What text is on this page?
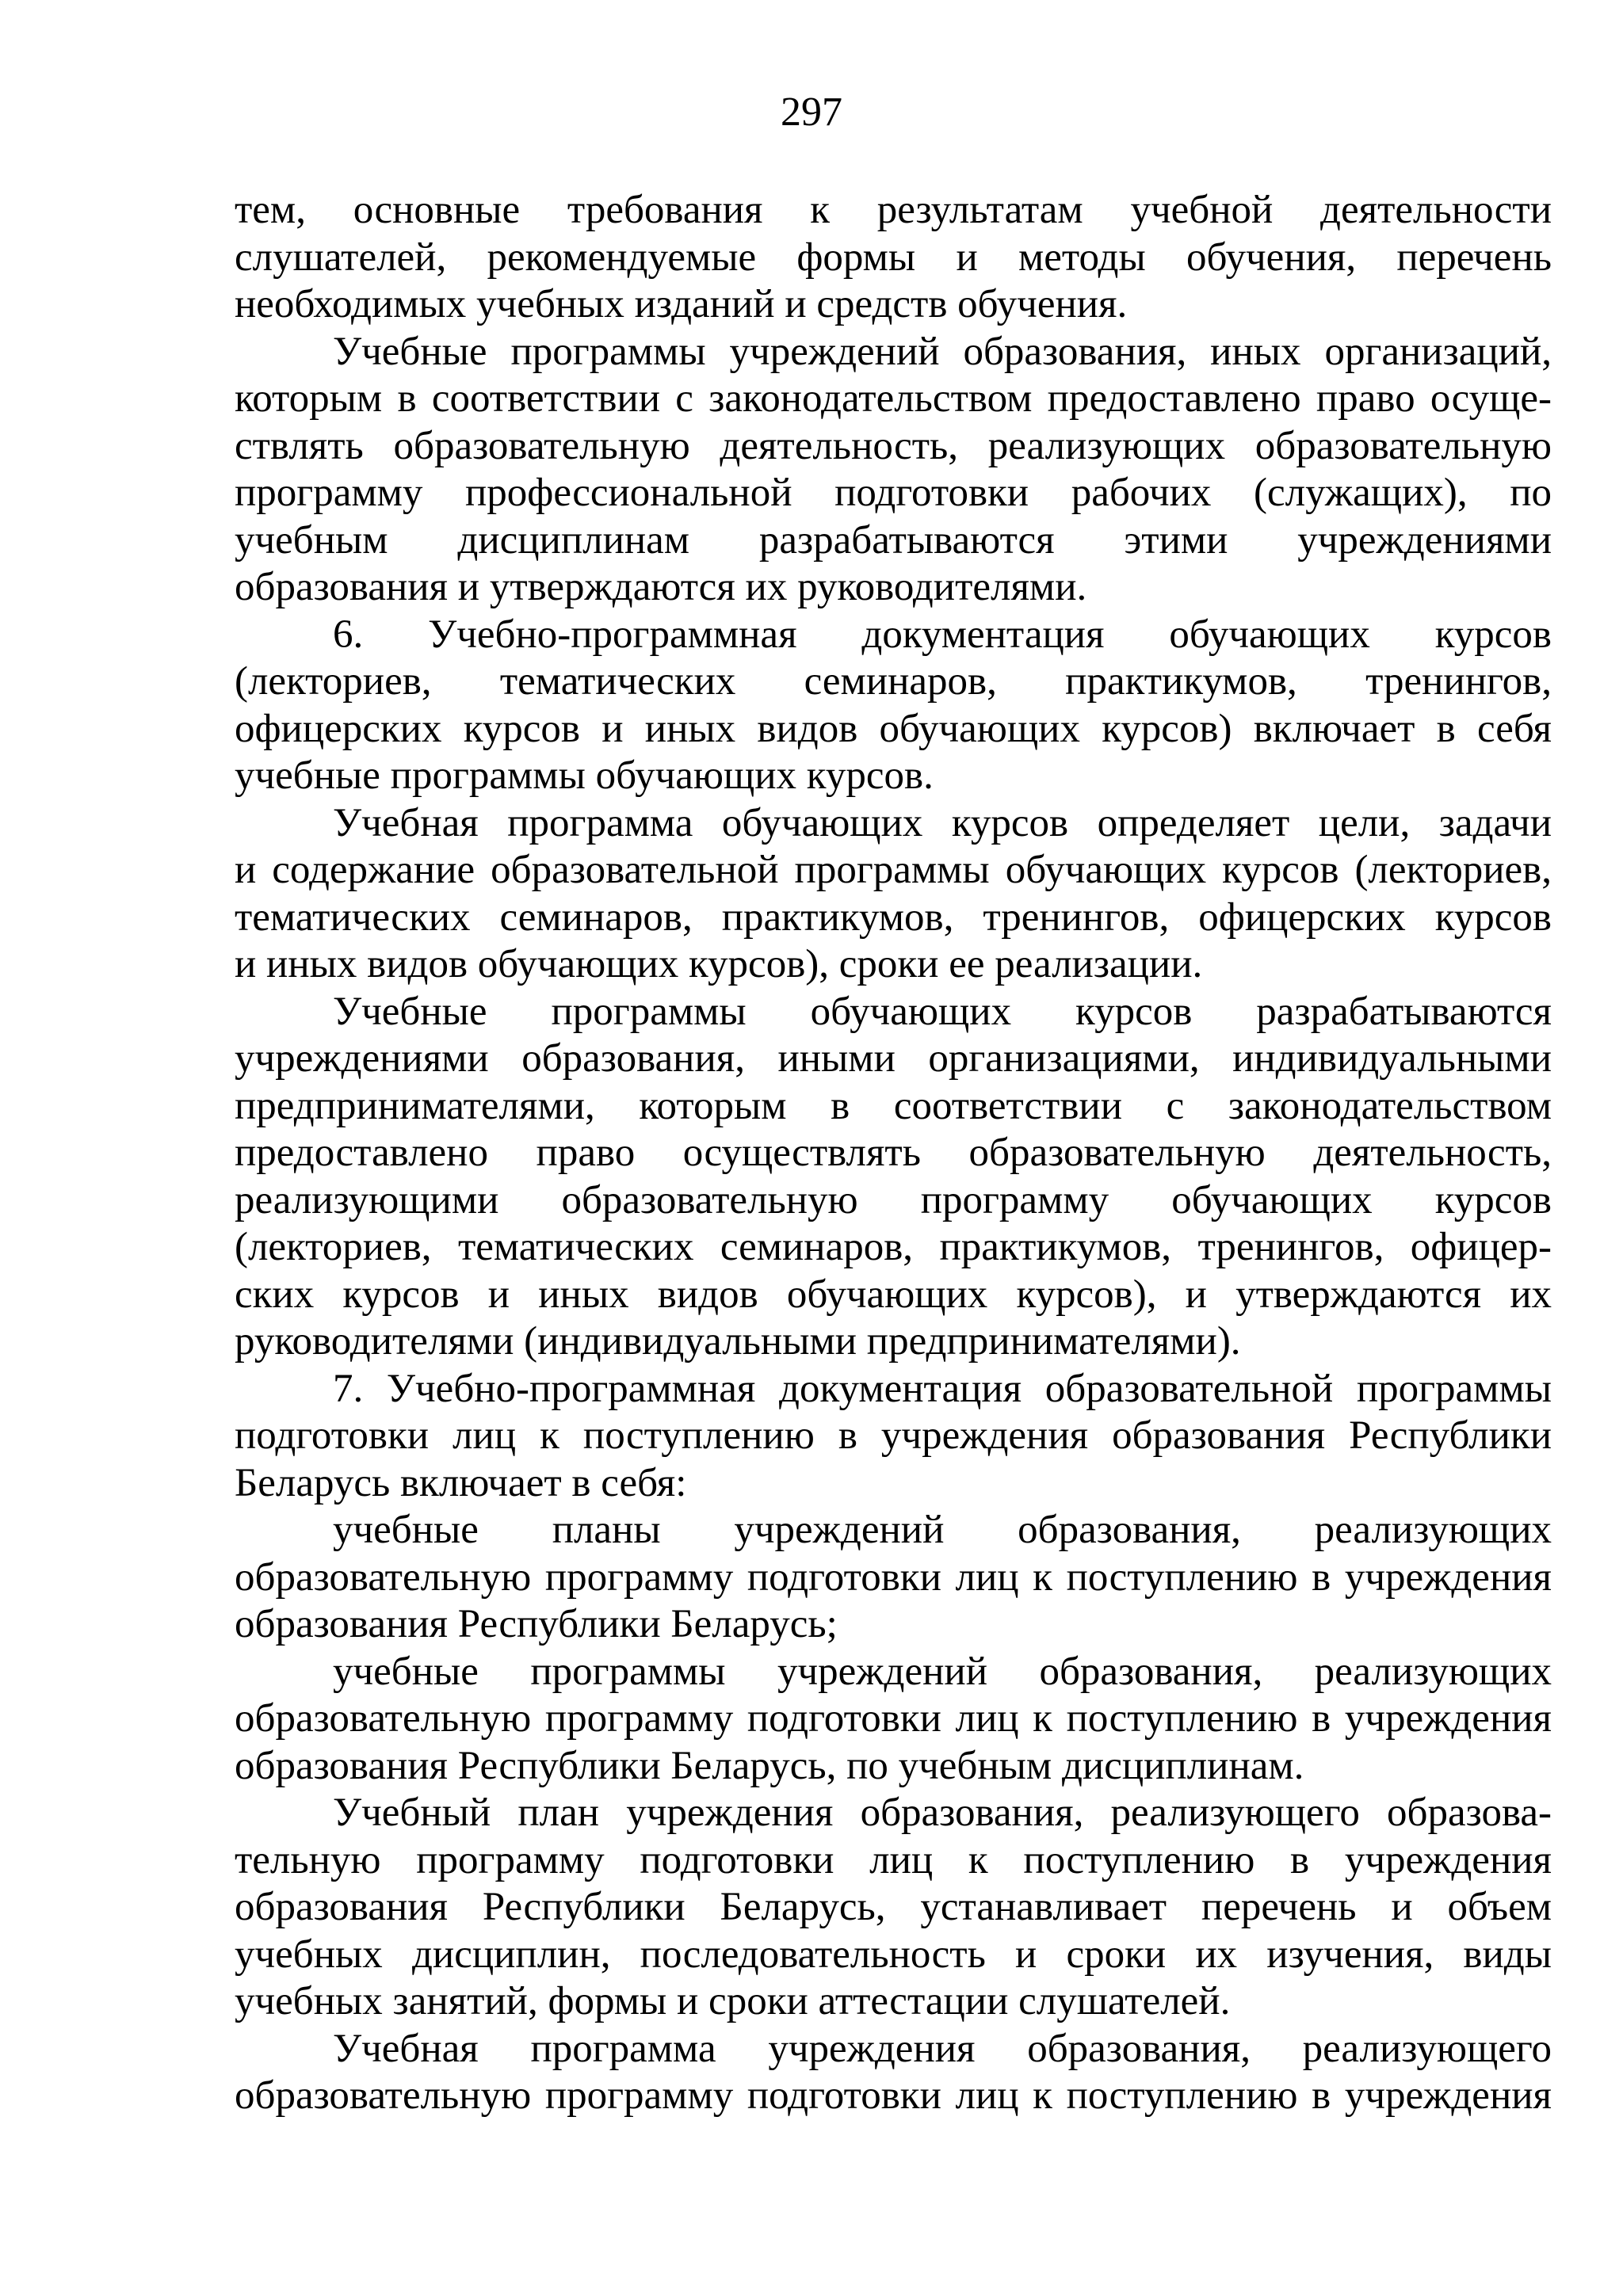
297
тем, основные требования к результатам учебной деятельности
слушателей, рекомендуемые формы и методы обучения, перечень
необходимых учебных изданий и средств обучения.
Учебные программы учреждений образования, иных организаций,
которым в соответствии с законодательством предоставлено право осуще-
ствлять образовательную деятельность, реализующих образовательную
программу профессиональной подготовки рабочих (служащих), по
учебным дисциплинам разрабатываются этими учреждениями
образования и утверждаются их руководителями.
6. Учебно-программная документация обучающих курсов
(лекториев, тематических семинаров, практикумов, тренингов,
офицерских курсов и иных видов обучающих курсов) включает в себя
учебные программы обучающих курсов.
Учебная программа обучающих курсов определяет цели, задачи
и содержание образовательной программы обучающих курсов (лекториев,
тематических семинаров, практикумов, тренингов, офицерских курсов
и иных видов обучающих курсов), сроки ее реализации.
Учебные программы обучающих курсов разрабатываются
учреждениями образования, иными организациями, индивидуальными
предпринимателями, которым в соответствии с законодательством
предоставлено право осуществлять образовательную деятельность,
реализующими образовательную программу обучающих курсов
(лекториев, тематических семинаров, практикумов, тренингов, офицер-
ских курсов и иных видов обучающих курсов), и утверждаются их
руководителями (индивидуальными предпринимателями).
7. Учебно-программная документация образовательной программы
подготовки лиц к поступлению в учреждения образования Республики
Беларусь включает в себя:
учебные планы учреждений образования, реализующих
образовательную программу подготовки лиц к поступлению в учреждения
образования Республики Беларусь;
учебные программы учреждений образования, реализующих
образовательную программу подготовки лиц к поступлению в учреждения
образования Республики Беларусь, по учебным дисциплинам.
Учебный план учреждения образования, реализующего образова-
тельную программу подготовки лиц к поступлению в учреждения
образования Республики Беларусь, устанавливает перечень и объем
учебных дисциплин, последовательность и сроки их изучения, виды
учебных занятий, формы и сроки аттестации слушателей.
Учебная программа учреждения образования, реализующего
образовательную программу подготовки лиц к поступлению в учреждения
